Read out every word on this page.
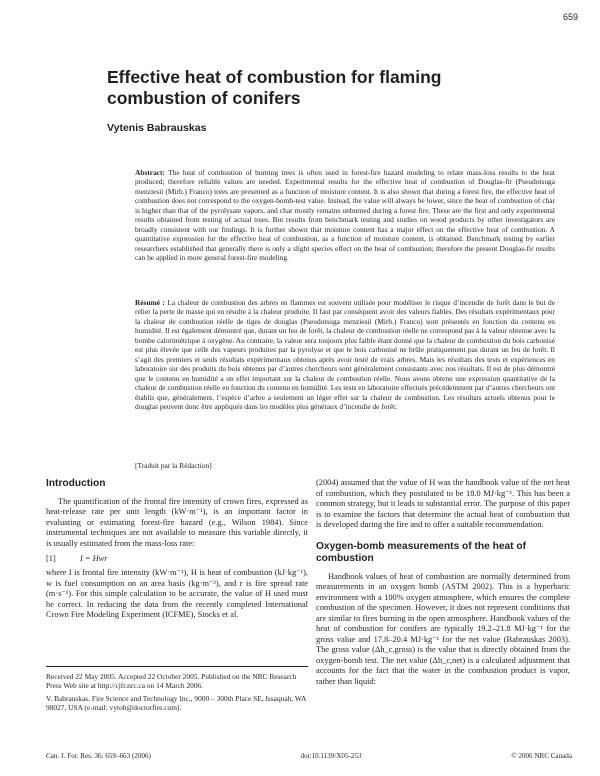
659
Effective heat of combustion for flaming combustion of conifers
Vytenis Babrauskas

Abstract: The heat of combustion of burning trees is often used in forest-fire hazard modeling to relate mass-loss results to the heat produced; therefore reliable values are needed. Experimental results for the effective heat of combustion of Douglas-fir (Pseudotsuga menziesii (Mirb.) Franco) trees are presented as a function of moisture content. It is also shown that during a forest fire, the effective heat of combustion does not correspond to the oxygen-bomb-test value. Instead, the value will always be lower, since the heat of combustion of char is higher than that of the pyrolysate vapors, and char mostly remains unburned during a forest fire. These are the first and only experimental results obtained from testing of actual trees. But results from benchmark testing and studies on wood products by other investigators are broadly consistent with our findings. It is further shown that moisture content has a major effect on the effective heat of combustion. A quantitative expression for the effective heat of combustion, as a function of moisture content, is obtained. Benchmark testing by earlier researchers established that generally there is only a slight species effect on the heat of combustion; therefore the present Douglas-fir results can be applied in more general forest-fire modeling.

Résumé : La chaleur de combustion des arbres en flammes est souvent utilisée pour modéliser le risque d’incendie de forêt dans le but de relier la perte de masse qui en résulte à la chaleur produite. Il faut par conséquent avoir des valeurs fiables. Des résultats expérimentaux pour la chaleur de combustion réelle de tiges de douglas (Pseudotsuga menziesii (Mirb.) Franco) sont présentés en fonction du contenu en humidité. Il est également démontré que, durant un feu de forêt, la chaleur de combustion réelle ne correspond pas à la valeur obtenue avec la bombe calorimétrique à oxygène. Au contraire, la valeur sera toujours plus faible étant donné que la chaleur de combustion du bois carbonisé est plus élevée que celle des vapeurs produites par la pyrolyse et que le bois carbonisé ne brûle pratiquement pas durant un feu de forêt. Il s’agit des premiers et seuls résultats expérimentaux obtenus après avoir testé de vrais arbres. Mais les résultats des tests et expériences en laboratoire sur des produits du bois obtenus par d’autres chercheurs sont généralement consistants avec nos résultats. Il est de plus démontré que le contenu en humidité a un effet important sur la chaleur de combustion réelle. Nous avons obtenu une expression quantitative de la chaleur de combustion réelle en fonction du contenu en humidité. Les tests en laboratoire effectués précédemment par d’autres chercheurs ont établis que, généralement, l’espèce d’arbre a seulement un léger effet sur la chaleur de combustion. Les résultats actuels obtenus pour le douglas peuvent donc être appliqués dans les modèles plus généraux d’incendie de forêt.

[Traduit par la Rédaction]
Introduction

The quantification of the frontal fire intensity of crown fires, expressed as heat-release rate per unit length (kW·m⁻¹), is an important factor in evaluating or estimating forest-fire hazard (e.g., Wilson 1984). Since instrumental techniques are not available to measure this variable directly, it is usually estimated from the mass-loss rate:

[1]	I = Hwr

where I is frontal fire intensity (kW·m⁻¹), H is heat of combustion (kJ·kg⁻¹), w is fuel consumption on an area basis (kg·m⁻²), and r is fire spread rate (m·s⁻¹). For this simple calculation to be accurate, the value of H used must be correct. In reducing the data from the recently completed International Crown Fire Modeling Experiment (ICFME), Stocks et al.

(2004) assumed that the value of H was the handbook value of the net heat of combustion, which they postulated to be 18.0 MJ·kg⁻¹. This has been a common strategy, but it leads to substantial error. The purpose of this paper is to examine the factors that determine the actual heat of combustion that is developed during the fire and to offer a suitable recommendation.

Oxygen-bomb measurements of the heat of combustion

Handbook values of heat of combustion are normally determined from measurements in an oxygen bomb (ASTM 2002). This is a hyperbaric environment with a 100% oxygen atmosphere, which ensures the complete combustion of the specimen. However, it does not represent conditions that are similar to fires burning in the open atmosphere. Handbook values of the heat of combustion for conifers are typically 19.2–21.8 MJ·kg⁻¹ for the gross value and 17.8–20.4 MJ·kg⁻¹ for the net value (Babrauskas 2003). The gross value (Δh_c,gross) is the value that is directly obtained from the oxygen-bomb test. The net value (Δh_c,net) is a calculated adjustment that accounts for the fact that the water in the combustion product is vapor, rather than liquid:

Received 22 May 2005. Accepted 22 October 2005. Published on the NRC Research Press Web site at http://cjfr.nrc.ca on 14 March 2006.

V. Babrauskas. Fire Science and Technology Inc., 9000 – 300th Place SE, Issaquah, WA 98027, USA (e-mail: vytob@doctorfire.com).

Can. J. For. Res. 36: 659–663 (2006)	doi:10.1139/X05-253	© 2006 NRC Canada
